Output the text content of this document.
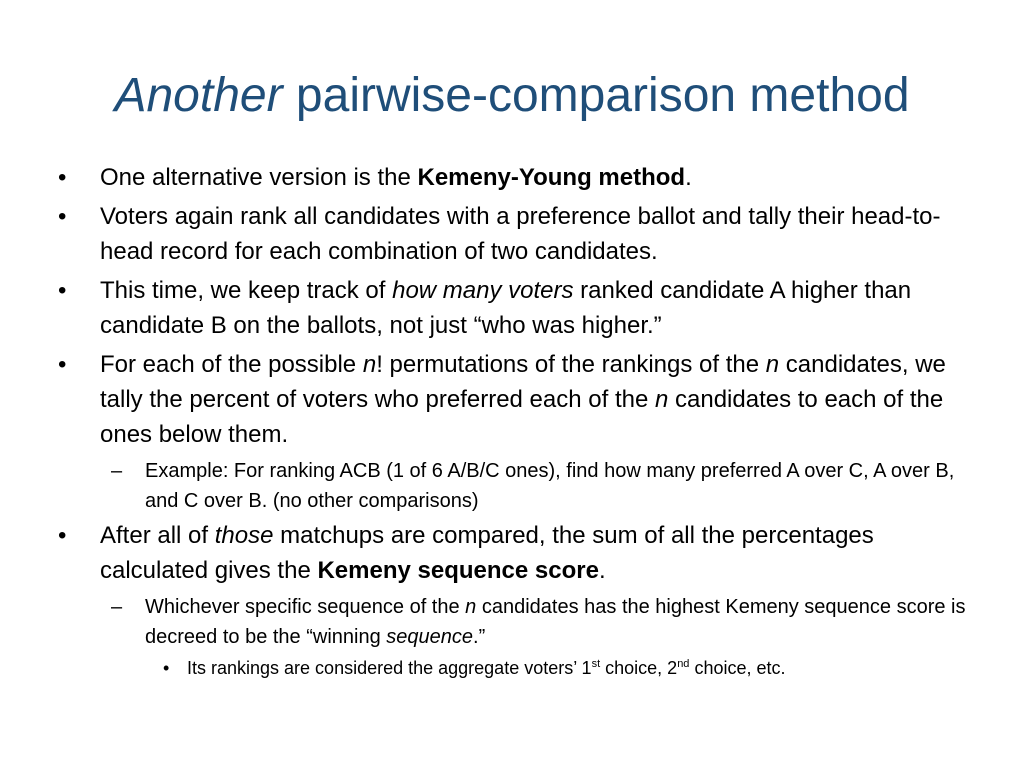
Another pairwise-comparison method
•	One alternative version is the Kemeny-Young method.
•	Voters again rank all candidates with a preference ballot and tally their head-to-head record for each combination of two candidates.
•	This time, we keep track of how many voters ranked candidate A higher than candidate B on the ballots, not just “who was higher.”
•	For each of the possible n! permutations of the rankings of the n candidates, we tally the percent of voters who preferred each of the n candidates to each of the ones below them.
– Example: For ranking ACB (1 of 6 A/B/C ones), find how many preferred A over C, A over B, and C over B. (no other comparisons)
•	After all of those matchups are compared, the sum of all the percentages calculated gives the Kemeny sequence score.
– Whichever specific sequence of the n candidates has the highest Kemeny sequence score is decreed to be the “winning sequence.”
• Its rankings are considered the aggregate voters’ 1st choice, 2nd choice, etc.
